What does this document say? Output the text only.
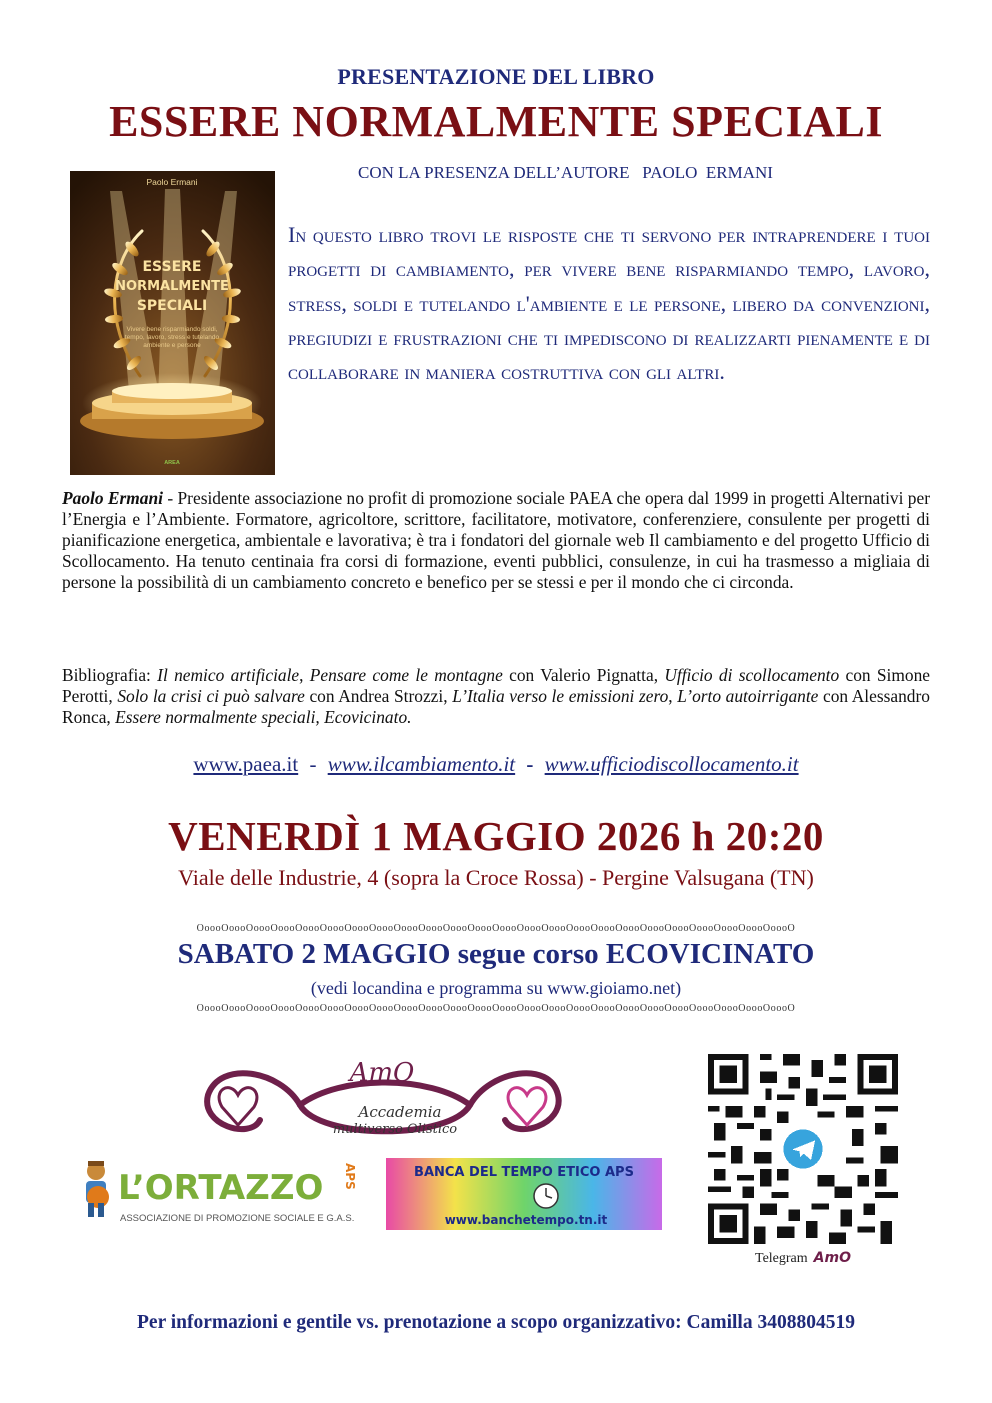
PRESENTAZIONE DEL LIBRO
ESSERE NORMALMENTE SPECIALI
CON LA PRESENZA DELL’AUTORE   PAOLO  ERMANI
Paolo Ermani
ESSERE
NORMALMENTE
SPECIALI
Vivere bene risparmiando soldi,
tempo, lavoro, stress e tutelando
ambiente e persone
AREA
In questo libro trovi le risposte che ti servono per intraprendere i tuoi progetti di cambiamento, per vivere bene risparmiando tempo, lavoro, stress, soldi e tutelando l'ambiente e le persone, libero da convenzioni, pregiudizi e frustrazioni che ti impediscono di realizzarti pienamente e di collaborare in maniera costruttiva con gli altri.
Paolo Ermani - Presidente associazione no profit di promozione sociale PAEA che opera dal 1999 in progetti Alternativi per l’Energia e l’Ambiente. Formatore, agricoltore, scrittore, facilitatore, motivatore, conferenziere, consulente per progetti di pianificazione energetica, ambientale e lavorativa; è tra i fondatori del giornale web Il cambiamento e del progetto Ufficio di Scollocamento. Ha tenuto centinaia fra corsi di formazione, eventi pubblici, consulenze, in cui ha trasmesso a migliaia di persone la possibilità di un cambiamento concreto e benefico per se stessi e per il mondo che ci circonda.
Bibliografia: Il nemico artificiale, Pensare come le montagne con Valerio Pignatta, Ufficio di scollocamento con Simone Perotti, Solo la crisi ci può salvare con Andrea Strozzi, L’Italia verso le emissioni zero, L’orto autoirrigante con Alessandro Ronca, Essere normalmente speciali, Ecovicinato.
www.paea.it - www.ilcambiamento.it - www.ufficiodiscollocamento.it
VENERDÌ 1 MAGGIO 2026 h 20:20
Viale delle Industrie, 4 (sopra la Croce Rossa) - Pergine Valsugana (TN)
OoooOoooOoooOoooOoooOoooOoooOoooOoooOoooOoooOoooOoooOoooOoooOoooOoooOoooOoooOoooOoooOoooOoooOoooO
SABATO 2 MAGGIO segue corso ECOVICINATO
(vedi locandina e programma su www.gioiamo.net)
OoooOoooOoooOoooOoooOoooOoooOoooOoooOoooOoooOoooOoooOoooOoooOoooOoooOoooOoooOoooOoooOoooOoooOoooO
AmO
Accademia
multiverso Olistico
Telegram AmO
L’ORTAZZO APS
ASSOCIAZIONE DI PROMOZIONE SOCIALE E G.A.S.
BANCA DEL TEMPO ETICO APS
www.banchetempo.tn.it
Per informazioni e gentile vs. prenotazione a scopo organizzativo: Camilla 3408804519
